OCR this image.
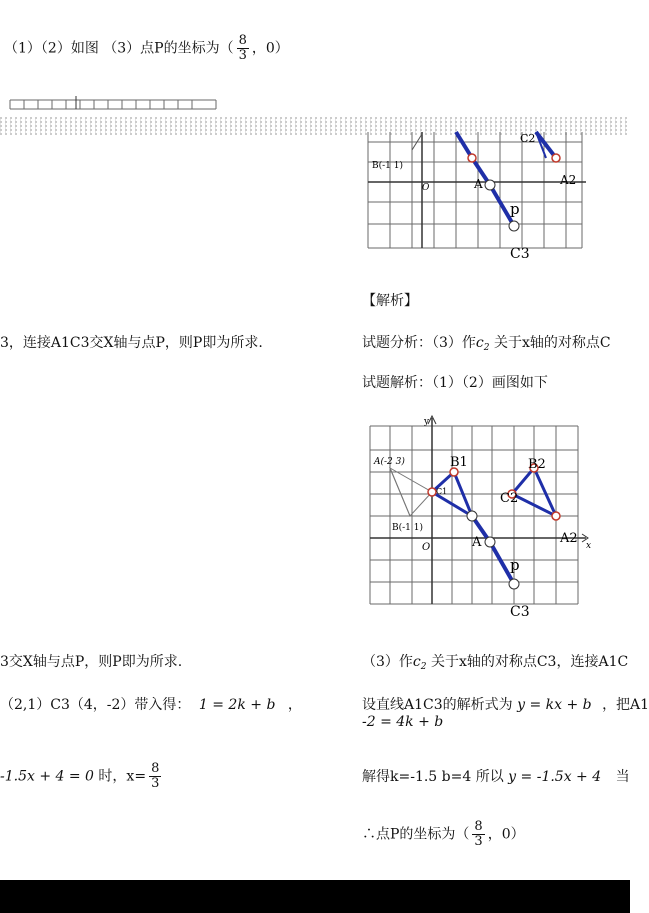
（1）（2）如图 （3）点P的坐标为（ $\frac{8}{3}$ ，0）
B(-1 1)
O	A
C2
A2
p
C3
【解析】
3，连接A1C3交X轴与点P，则P即为所求.
3交X轴与点P，则P即为所求.
（2,1）C3（4，-2）带入得： 1 = 2k + b ，
-1.5x + 4 = 0 时，$x= \frac{8}{3}$
试题分析：（3）作$c_2$ 关于x轴的对称点C
试题解析：（1）（2）画图如下
y
A(-2 3)	B1	B2
C1	C2
B(-1 1)
O	A	A2 x
p
C3
（3）作$c_2$ 关于x轴的对称点C3，连接A1C
设直线A1C3的解析式为 y = kx + b ，把A1
-2 = 4k + b
解得k=-1.5 b=4 所以 y = -1.5x + 4 当
∴点P的坐标为（ $\frac{8}{3}$ ，0）
